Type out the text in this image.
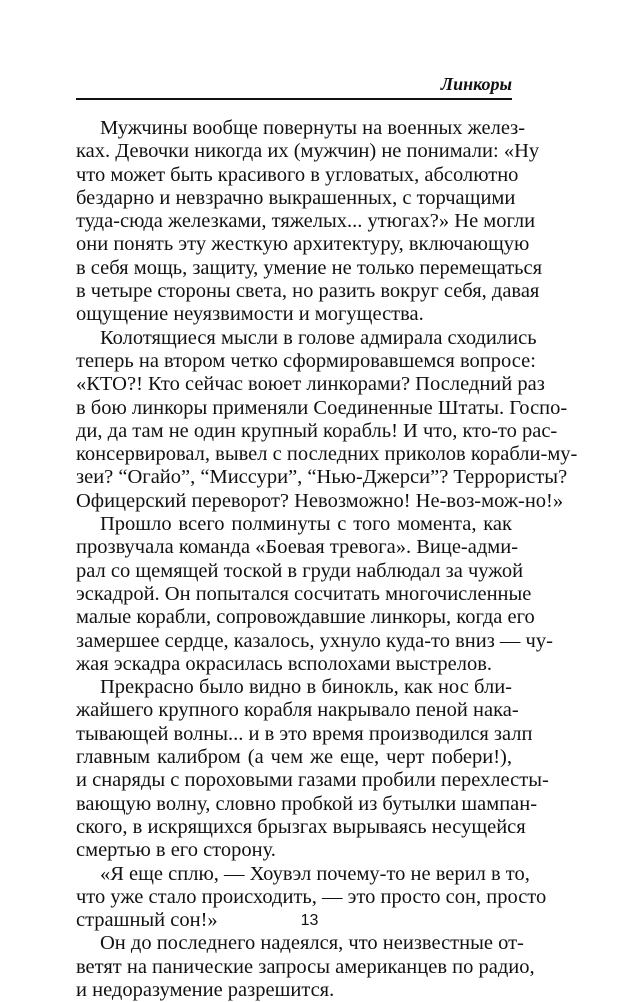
Линкоры
Мужчины вообще повернуты на военных желез-
ках. Девочки никогда их (мужчин) не понимали: «Ну
что может быть красивого в угловатых, абсолютно
бездарно и невзрачно выкрашенных, с торчащими
туда-сюда железками, тяжелых... утюгах?» Не могли
они понять эту жесткую архитектуру, включающую
в себя мощь, защиту, умение не только перемещаться
в четыре стороны света, но разить вокруг себя, давая
ощущение неуязвимости и могущества.
Колотящиеся мысли в голове адмирала сходились
теперь на втором четко сформировавшемся вопросе:
«КТО?! Кто сейчас воюет линкорами? Последний раз
в бою линкоры применяли Соединенные Штаты. Госпо-
ди, да там не один крупный корабль! И что, кто-то рас-
консервировал, вывел с последних приколов корабли-му-
зеи? “Огайо”, “Миссури”, “Нью-Джерси”? Террористы?
Офицерский переворот? Невозможно! Не-воз-мож-но!»
Прошло всего полминуты с того момента, как
прозвучала команда «Боевая тревога». Вице-адми-
рал со щемящей тоской в груди наблюдал за чужой
эскадрой. Он попытался сосчитать многочисленные
малые корабли, сопровождавшие линкоры, когда его
замершее сердце, казалось, ухнуло куда-то вниз — чу-
жая эскадра окрасилась всполохами выстрелов.
Прекрасно было видно в бинокль, как нос бли-
жайшего крупного корабля накрывало пеной нака-
тывающей волны... и в это время производился залп
главным калибром (а чем же еще, черт побери!),
и снаряды с пороховыми газами пробили перехлесты-
вающую волну, словно пробкой из бутылки шампан-
ского, в искрящихся брызгах вырываясь несущейся
смертью в его сторону.
«Я еще сплю, — Хоувэл почему-то не верил в то,
что уже стало происходить, — это просто сон, просто
страшный сон!»
Он до последнего надеялся, что неизвестные от-
ветят на панические запросы американцев по радио,
и недоразумение разрешится.
13
